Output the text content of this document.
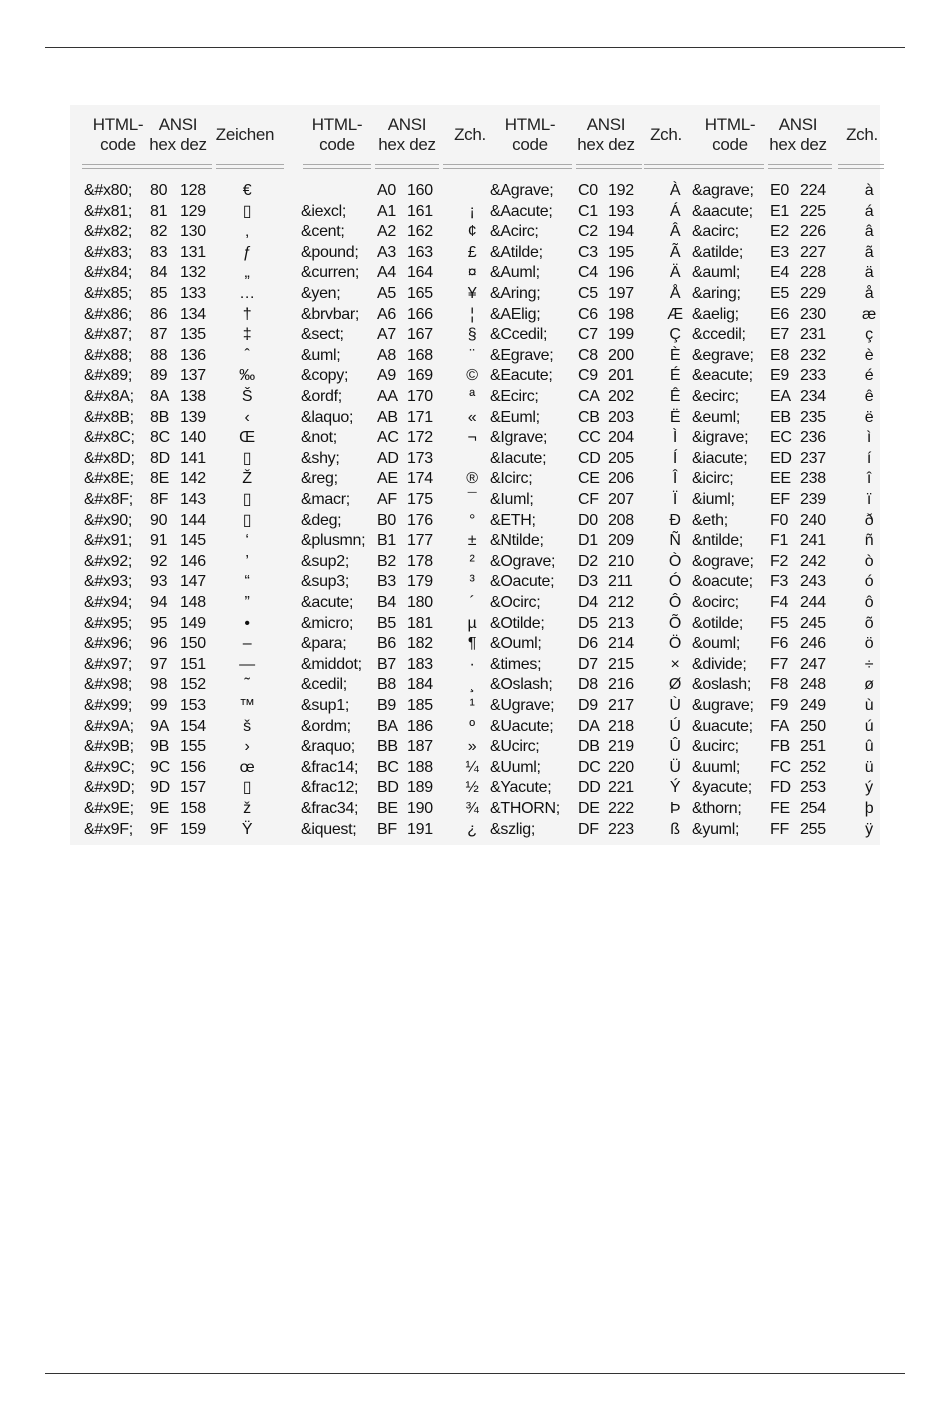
HTML-
code
ANSI
hex dez
Zeichen
&#x80; 80 128	€
&#x81; 81 129	▯
&#x82; 82 130	‚
&#x83; 83 131	ƒ
&#x84; 84 132	„
&#x85; 85 133	…
&#x86; 86 134	†
&#x87; 87 135	‡
&#x88; 88 136	ˆ
&#x89; 89 137	‰
&#x8A; 8A 138	Š
&#x8B; 8B 139	‹
&#x8C; 8C 140	Œ
&#x8D; 8D 141	▯
&#x8E; 8E 142	Ž
&#x8F; 8F 143	▯
&#x90; 90 144	▯
&#x91; 91 145	‘
&#x92; 92 146	’
&#x93; 93 147	“
&#x94; 94 148	”
&#x95; 95 149	•
&#x96; 96 150	–
&#x97; 97 151	—
&#x98; 98 152	˜
&#x99; 99 153	™
&#x9A; 9A 154	š
&#x9B; 9B 155	›
&#x9C; 9C 156	œ
&#x9D; 9D 157	▯
&#x9E; 9E 158	ž
&#x9F; 9F 159	Ÿ
HTML-
code
ANSI
hex dez
Zch.
A0 160
&iexcl; A1 161	¡
&cent; A2 162	¢
&pound; A3 163	£
&curren; A4 164	¤
&yen; A5 165	¥
&brvbar; A6 166	¦
&sect; A7 167	§
&uml; A8 168	¨
&copy; A9 169	©
&ordf; AA 170	ª
&laquo; AB 171	«
&not;	AC 172	¬
&shy; AD 173
&reg; AE 174	®
&macr; AF 175	¯
&deg; B0 176	°
&plusmn; B1 177	±
&sup2; B2 178	²
&sup3; B3 179	³
&acute; B4 180	´
&micro; B5 181	µ
&para; B6 182	¶
&middot; B7 183	·
&cedil; B8 184	¸
&sup1; B9 185	¹
&ordm; BA 186	º
&raquo; BB 187	»
&frac14; BC 188	¼
&frac12; BD 189	½
&frac34; BE 190	¾
&iquest; BF 191	¿
HTML-
code
ANSI
hex dez
Zch.
&Agrave; C0 192	À
&Aacute; C1 193	Á
&Acirc; C2 194	Â
&Atilde; C3 195	Ã
&Auml; C4 196	Ä
&Aring; C5 197	Å
&AElig; C6 198	Æ
&Ccedil; C7 199	Ç
&Egrave; C8 200	È
&Eacute; C9 201	É
&Ecirc; CA 202	Ê
&Euml; CB 203	Ë
&Igrave; CC 204	Ì
&Iacute; CD 205	Í
&Icirc;	CE 206	Î
&Iuml;	CF 207	Ï
&ETH;	D0 208	Ð
&Ntilde; D1 209	Ñ
&Ograve; D2 210	Ò
&Oacute; D3 211	Ó
&Ocirc; D4 212	Ô
&Otilde; D5 213	Õ
&Ouml; D6 214	Ö
&times; D7 215	×
&Oslash; D8 216	Ø
&Ugrave; D9 217	Ù
&Uacute; DA 218	Ú
&Ucirc; DB 219	Û
&Uuml; DC 220	Ü
&Yacute; DD 221	Ý
&THORN; DE 222	Þ
&szlig;	DF 223	ß
HTML-
code
ANSI
hex dez
Zch.
&agrave; E0 224	à
&aacute; E1 225	á
&acirc; E2 226	â
&atilde; E3 227	ã
&auml; E4 228	ä
&aring; E5 229	å
&aelig; E6 230	æ
&ccedil; E7 231	ç
&egrave; E8 232	è
&eacute; E9 233	é
&ecirc; EA 234	ê
&euml; EB 235	ë
&igrave; EC 236	ì
&iacute; ED 237	í
&icirc; EE 238	î
&iuml; EF 239	ï
&eth;	F0 240	ð
&ntilde; F1 241	ñ
&ograve; F2 242	ò
&oacute; F3 243	ó
&ocirc; F4 244	ô
&otilde; F5 245	õ
&ouml; F6 246	ö
&divide; F7 247	÷
&oslash; F8 248	ø
&ugrave; F9 249	ù
&uacute; FA 250	ú
&ucirc; FB 251	û
&uuml; FC 252	ü
&yacute; FD 253	ý
&thorn; FE 254	þ
&yuml; FF 255	ÿ
